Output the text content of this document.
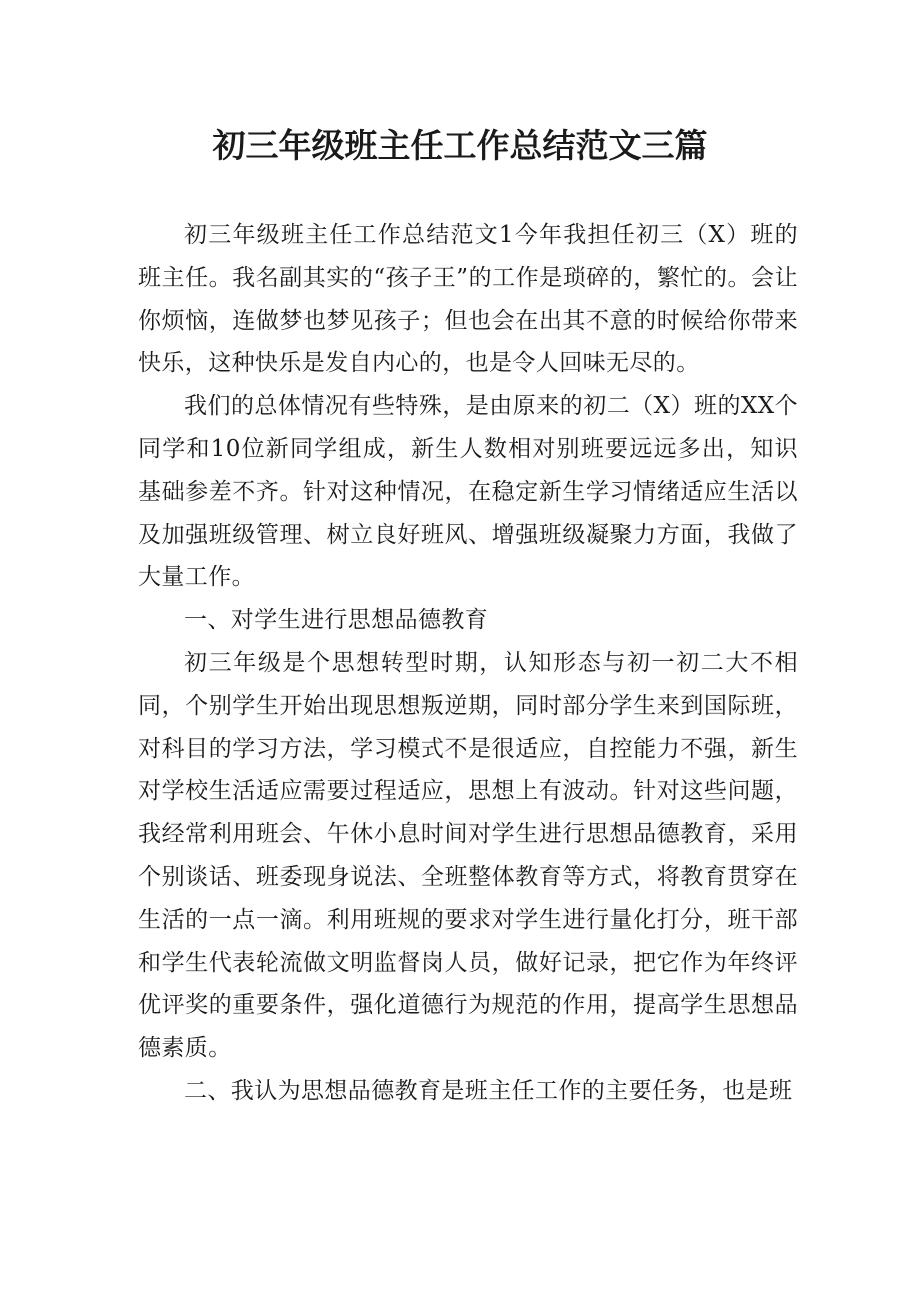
初三年级班主任工作总结范文三篇

初三年级班主任工作总结范文1今年我担任初三（X）班的班主任。我名副其实的“孩子王”的工作是琐碎的，繁忙的。会让你烦恼，连做梦也梦见孩子；但也会在出其不意的时候给你带来快乐，这种快乐是发自内心的，也是令人回味无尽的。

我们的总体情况有些特殊，是由原来的初二（X）班的XX个同学和10位新同学组成，新生人数相对别班要远远多出，知识基础参差不齐。针对这种情况，在稳定新生学习情绪适应生活以及加强班级管理、树立良好班风、增强班级凝聚力方面，我做了大量工作。

一、对学生进行思想品德教育

初三年级是个思想转型时期，认知形态与初一初二大不相同，个别学生开始出现思想叛逆期，同时部分学生来到国际班，对科目的学习方法，学习模式不是很适应，自控能力不强，新生对学校生活适应需要过程适应，思想上有波动。针对这些问题，我经常利用班会、午休小息时间对学生进行思想品德教育，采用个别谈话、班委现身说法、全班整体教育等方式，将教育贯穿在生活的一点一滴。利用班规的要求对学生进行量化打分，班干部和学生代表轮流做文明监督岗人员，做好记录，把它作为年终评优评奖的重要条件，强化道德行为规范的作用，提高学生思想品德素质。

二、我认为思想品德教育是班主任工作的主要任务，也是班
